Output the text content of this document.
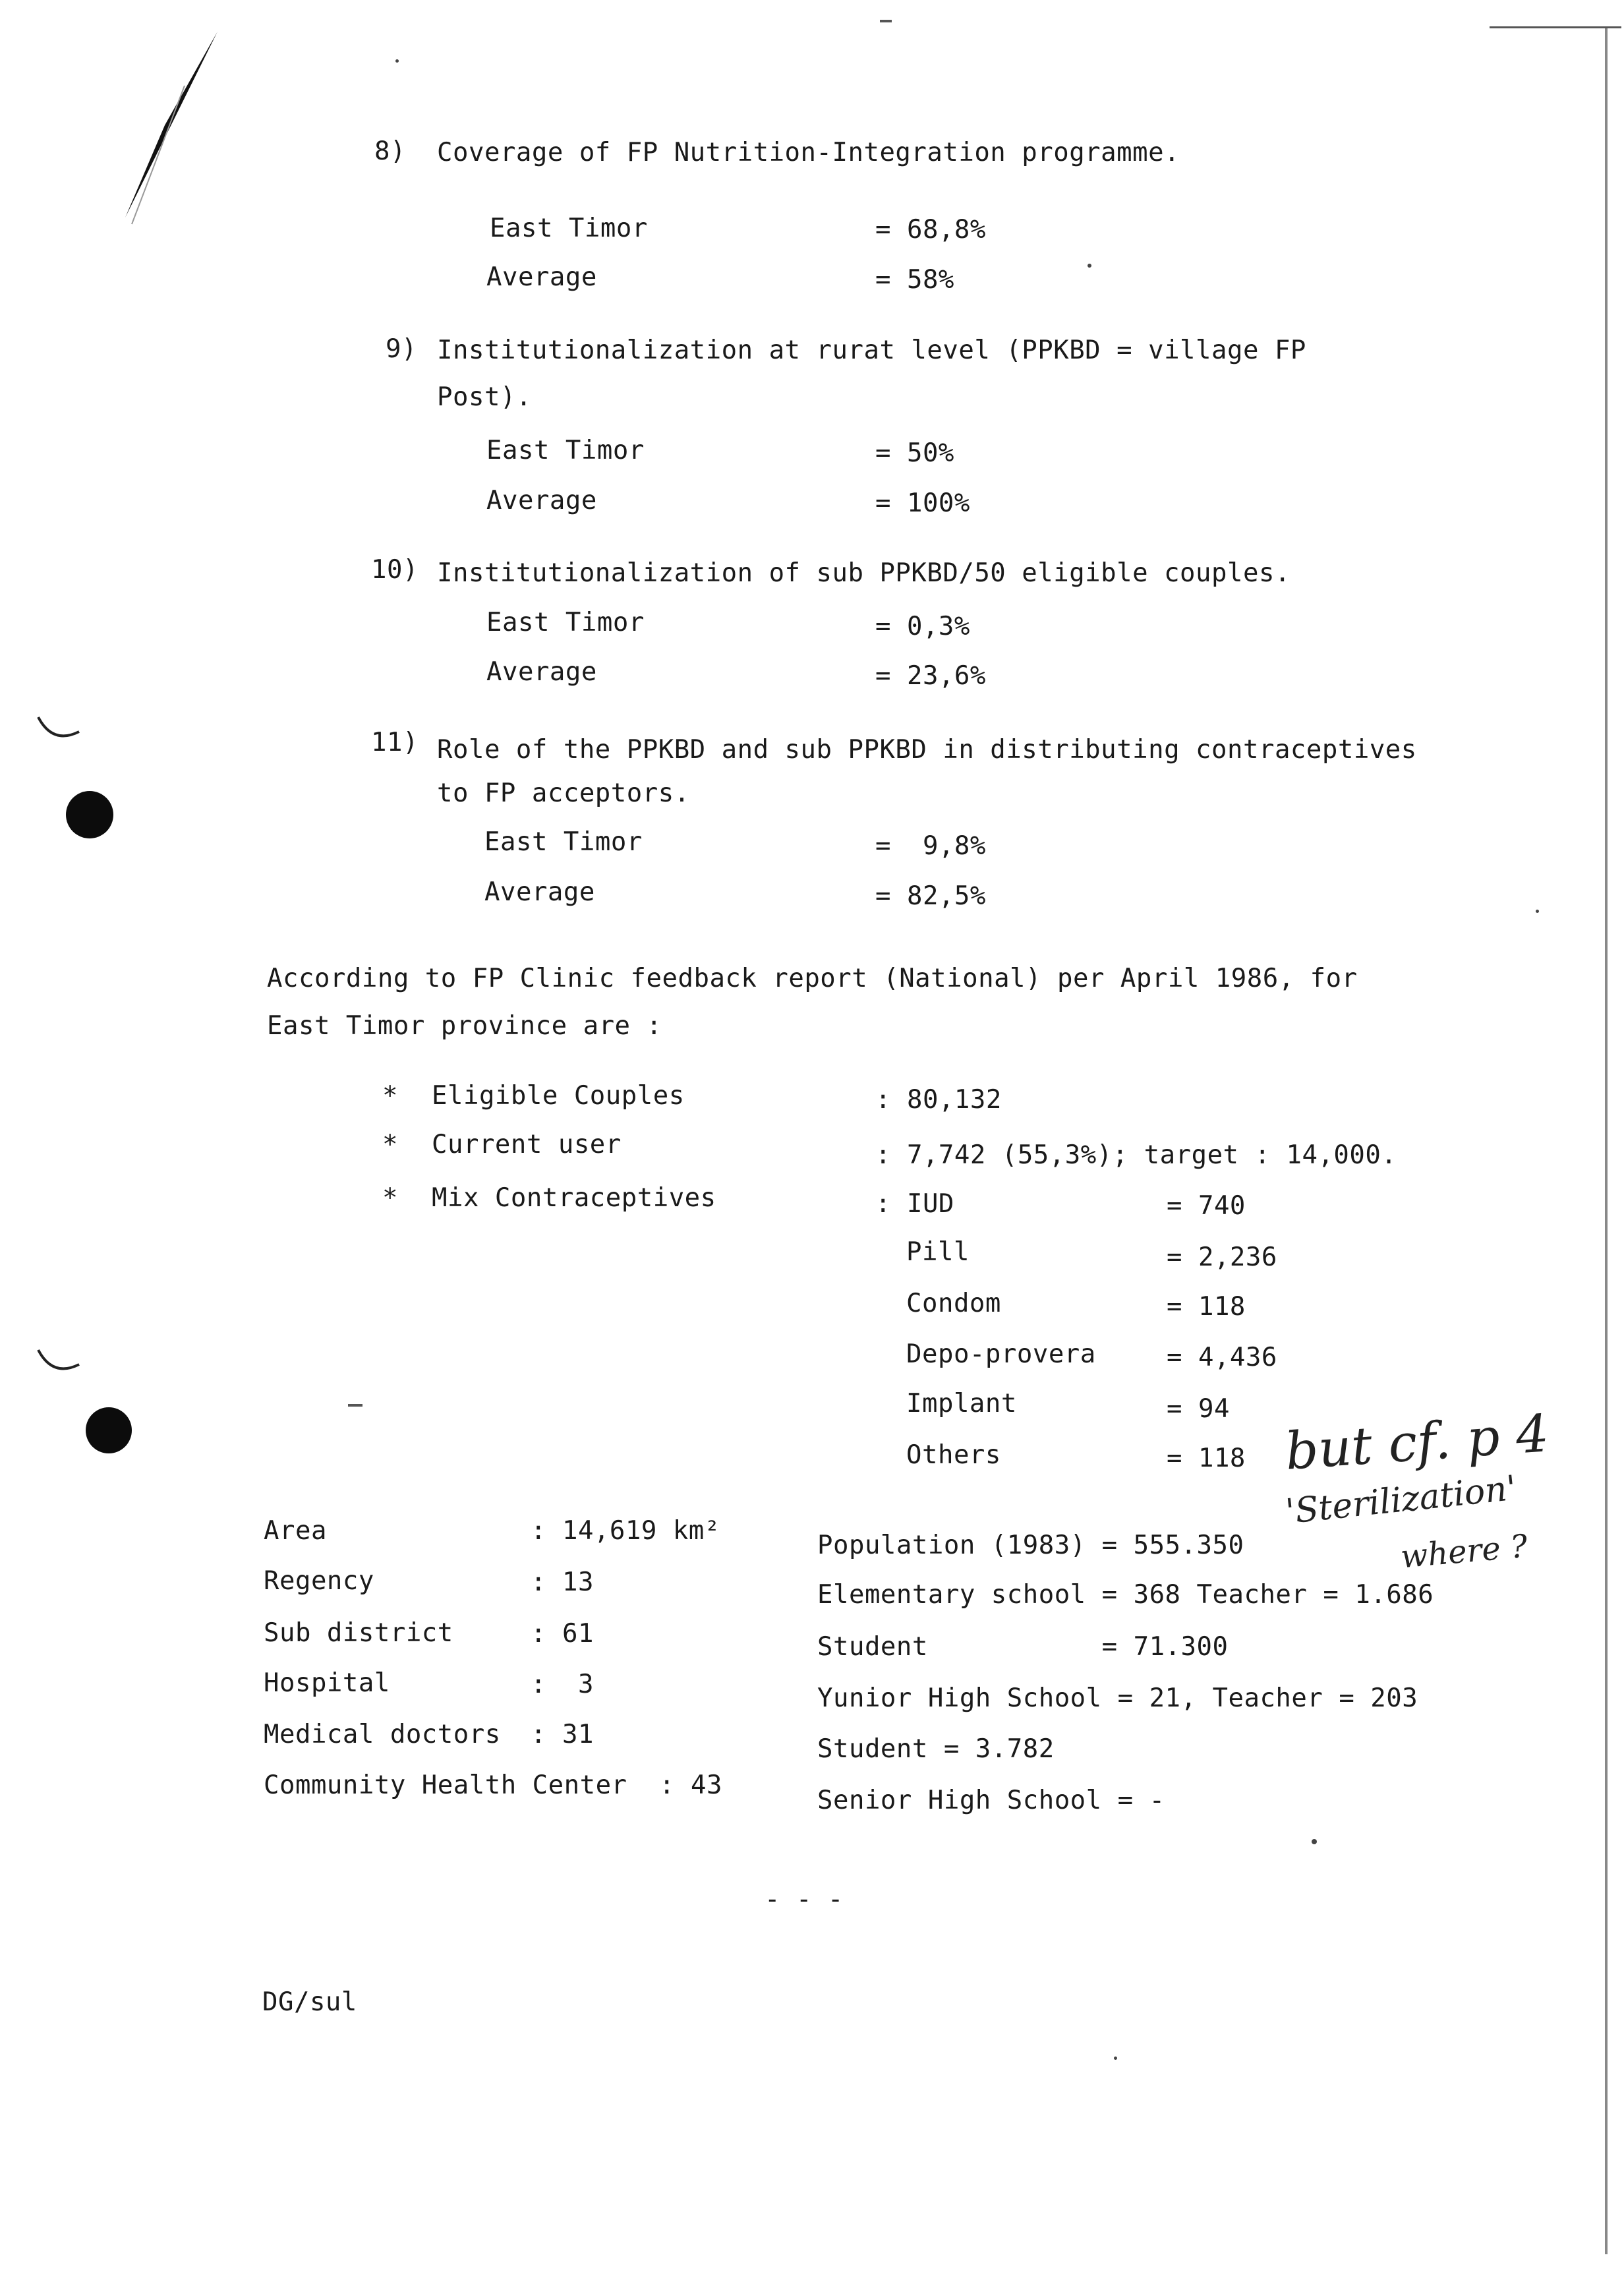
8) Coverage of FP Nutrition-Integration programme.
East Timor	= 68,8%
Average	= 58%
9) Institutionalization at rurat level (PPKBD = village FP
Post).
East Timor	= 50%
Average	= 100%
10) Institutionalization of sub PPKBD/50 eligible couples.
East Timor	= 0,3%
Average	= 23,6%
11) Role of the PPKBD and sub PPKBD in distributing contraceptives
to FP acceptors.
East Timor	=  9,8%
Average	= 82,5%
According to FP Clinic feedback report (National) per April 1986, for
East Timor province are :
* Eligible Couples	: 80,132
* Current user	: 7,742 (55,3%); target : 14,000.
* Mix Contraceptives	: IUD	= 740
Pill	= 2,236
Condom	= 118
Depo-provera	= 4,436
Implant	= 94
Others	= 118 but cf. p 4
'Sterilization'
where ?
Area	: 14,619 km²
Regency	: 13
Sub district	: 61
Hospital	:  3
Medical doctors : 31
Community Health Center : 43
Population (1983) = 555.350
Elementary school = 368 Teacher = 1.686
Student           = 71.300
Yunior High School = 21, Teacher = 203
Student = 3.782
Senior High School = -
- - -
DG/sul
